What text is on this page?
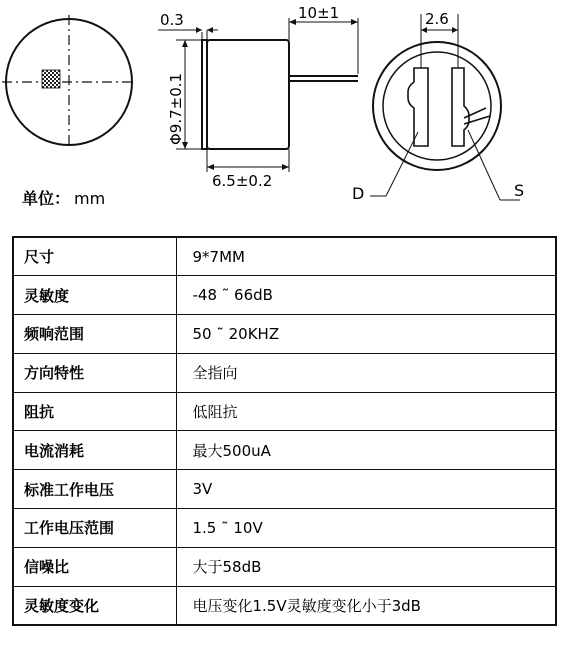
0.3	10±1
Φ9.7±0.1
6.5±0.2
2.6
D	S
单位： mm
尺寸	9*7MM
灵敏度	-48 ˜ 66dB
频响范围	50 ˜ 20KHZ
方向特性	全指向
阻抗	低阻抗
电流消耗	最大500uA
标准工作电压	3V
工作电压范围	1.5 ˜ 10V
信噪比	大于58dB
灵敏度变化	电压变化1.5V灵敏度变化小于3dB
